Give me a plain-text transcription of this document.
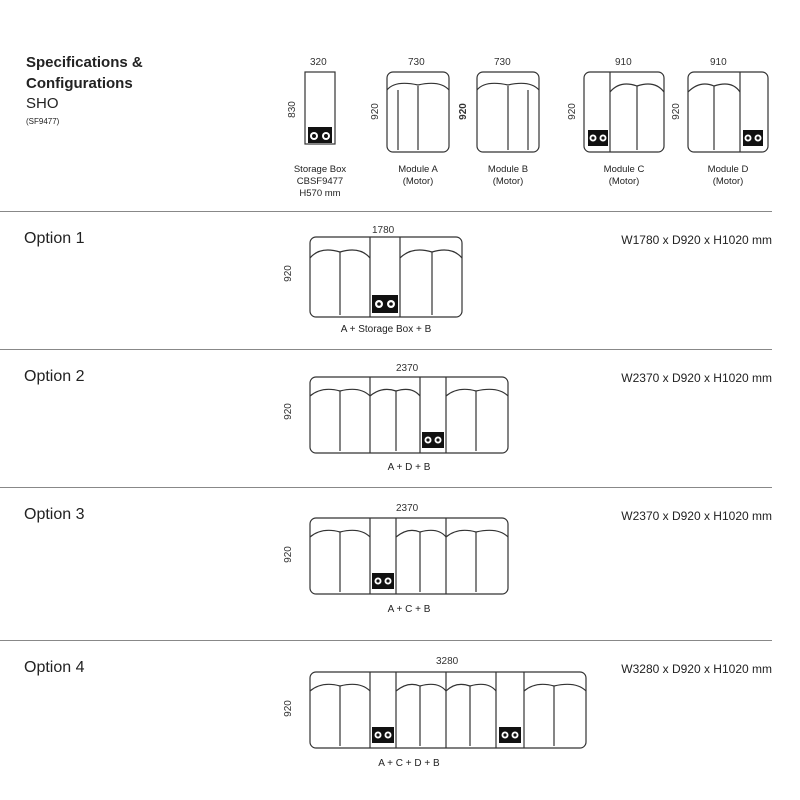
Specifications &
Configurations
SHO
(SF9477)
320
830
Storage Box
CBSF9477
H570 mm
730
920
Module A
(Motor)
730
920
Module B
(Motor)
910
920
Module C
(Motor)
910
920
Module D
(Motor)
Option 1	1780
920
A + Storage Box + B
W1780 x D920 x H1020 mm
Option 2	2370
920
A + D + B
W2370 x D920 x H1020 mm
Option 3	2370
920
A + C + B
W2370 x D920 x H1020 mm
Option 4	3280
920
A + C + D + B
W3280 x D920 x H1020 mm
